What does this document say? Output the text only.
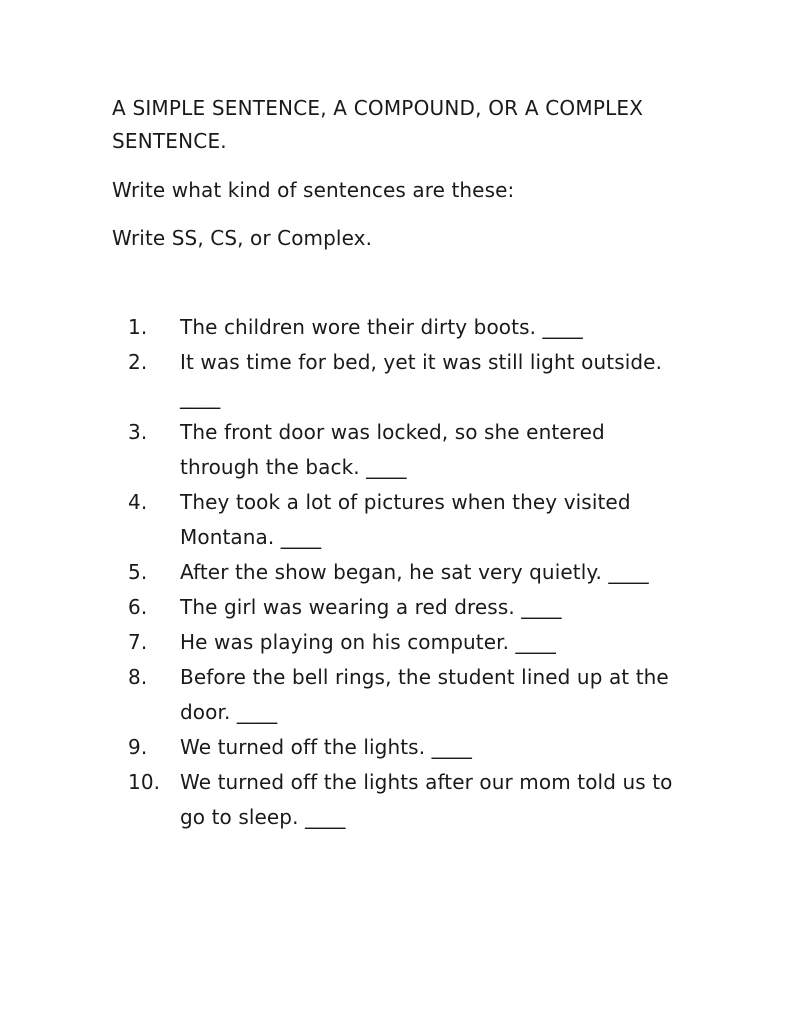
A SIMPLE SENTENCE, A COMPOUND, OR A COMPLEX SENTENCE.
Write what kind of sentences are these:
Write SS, CS, or Complex.
1.	The children wore their dirty boots. ____
2.	It was time for bed, yet it was still light outside. ____
3.	The front door was locked, so she entered through the back. ____
4.	They took a lot of pictures when they visited Montana. ____
5.	After the show began, he sat very quietly. ____
6.	The girl was wearing a red dress. ____
7.	He was playing on his computer. ____
8.	Before the bell rings, the student lined up at the door. ____
9.	We turned off the lights. ____
10. We turned off the lights after our mom told us to go to sleep. ____
